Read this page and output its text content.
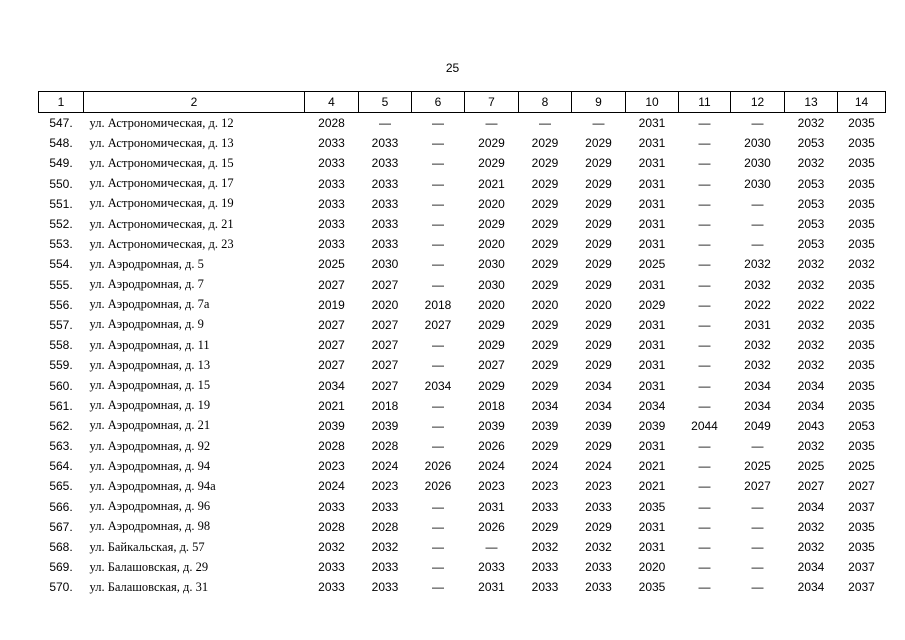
25
1	2	4	5	6	7	8	9	10	11	12	13	14
547.	ул. Астрономическая, д. 12	2028	—	—	—	—	—	2031	—	—	2032	2035
548.	ул. Астрономическая, д. 13	2033	2033	—	2029	2029	2029	2031	—	2030	2053	2035
549.	ул. Астрономическая, д. 15	2033	2033	—	2029	2029	2029	2031	—	2030	2032	2035
550.	ул. Астрономическая, д. 17	2033	2033	—	2021	2029	2029	2031	—	2030	2053	2035
551.	ул. Астрономическая, д. 19	2033	2033	—	2020	2029	2029	2031	—	—	2053	2035
552.	ул. Астрономическая, д. 21	2033	2033	—	2029	2029	2029	2031	—	—	2053	2035
553.	ул. Астрономическая, д. 23	2033	2033	—	2020	2029	2029	2031	—	—	2053	2035
554.	ул. Аэродромная, д. 5	2025	2030	—	2030	2029	2029	2025	—	2032	2032	2032
555.	ул. Аэродромная, д. 7	2027	2027	—	2030	2029	2029	2031	—	2032	2032	2035
556.	ул. Аэродромная, д. 7а	2019	2020	2018	2020	2020	2020	2029	—	2022	2022	2022
557.	ул. Аэродромная, д. 9	2027	2027	2027	2029	2029	2029	2031	—	2031	2032	2035
558.	ул. Аэродромная, д. 11	2027	2027	—	2029	2029	2029	2031	—	2032	2032	2035
559.	ул. Аэродромная, д. 13	2027	2027	—	2027	2029	2029	2031	—	2032	2032	2035
560.	ул. Аэродромная, д. 15	2034	2027	2034	2029	2029	2034	2031	—	2034	2034	2035
561.	ул. Аэродромная, д. 19	2021	2018	—	2018	2034	2034	2034	—	2034	2034	2035
562.	ул. Аэродромная, д. 21	2039	2039	—	2039	2039	2039	2039	2044	2049	2043	2053
563.	ул. Аэродромная, д. 92	2028	2028	—	2026	2029	2029	2031	—	—	2032	2035
564.	ул. Аэродромная, д. 94	2023	2024	2026	2024	2024	2024	2021	—	2025	2025	2025
565.	ул. Аэродромная, д. 94а	2024	2023	2026	2023	2023	2023	2021	—	2027	2027	2027
566.	ул. Аэродромная, д. 96	2033	2033	—	2031	2033	2033	2035	—	—	2034	2037
567.	ул. Аэродромная, д. 98	2028	2028	—	2026	2029	2029	2031	—	—	2032	2035
568.	ул. Байкальская, д. 57	2032	2032	—	—	2032	2032	2031	—	—	2032	2035
569.	ул. Балашовская, д. 29	2033	2033	—	2033	2033	2033	2020	—	—	2034	2037
570.	ул. Балашовская, д. 31	2033	2033	—	2031	2033	2033	2035	—	—	2034	2037
